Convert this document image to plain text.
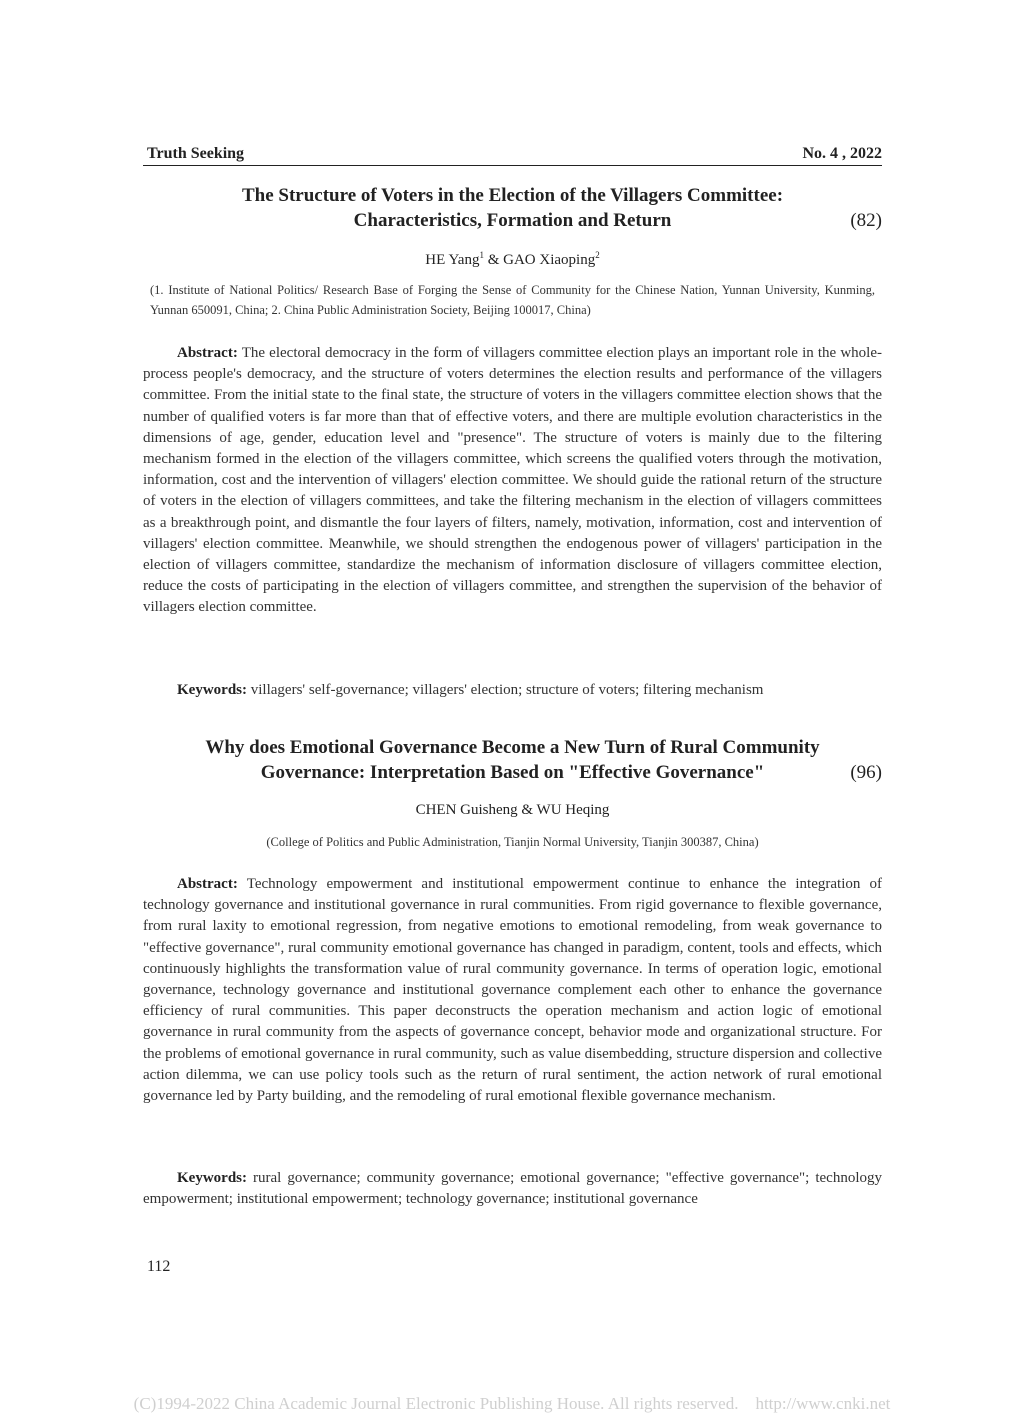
Truth Seeking	No. 4 , 2022
The Structure of Voters in the Election of the Villagers Committee:
Characteristics, Formation and Return	(82)
HE Yang$^1$ & GAO Xiaoping$^2$
(1. Institute of National Politics/ Research Base of Forging the Sense of Community for the Chinese Nation, Yunnan University, Kunming, Yunnan 650091, China; 2. China Public Administration Society, Beijing 100017, China)
Abstract: The electoral democracy in the form of villagers committee election plays an important role in the whole-process people's democracy, and the structure of voters determines the election results and performance of the villagers committee. From the initial state to the final state, the structure of voters in the villagers committee election shows that the number of qualified voters is far more than that of effective voters, and there are multiple evolution characteristics in the dimensions of age, gender, education level and "presence". The structure of voters is mainly due to the filtering mechanism formed in the election of the villagers committee, which screens the qualified voters through the motivation, information, cost and the intervention of villagers' election committee. We should guide the rational return of the structure of voters in the election of villagers committees, and take the filtering mechanism in the election of villagers committees as a breakthrough point, and dismantle the four layers of filters, namely, motivation, information, cost and intervention of villagers' election committee. Meanwhile, we should strengthen the endogenous power of villagers' participation in the election of villagers committee, standardize the mechanism of information disclosure of villagers committee election, reduce the costs of participating in the election of villagers committee, and strengthen the supervision of the behavior of villagers election committee.
Keywords: villagers' self-governance; villagers' election; structure of voters; filtering mechanism
Why does Emotional Governance Become a New Turn of Rural Community
Governance: Interpretation Based on "Effective Governance"	(96)
CHEN Guisheng & WU Heqing
(College of Politics and Public Administration, Tianjin Normal University, Tianjin 300387, China)
Abstract: Technology empowerment and institutional empowerment continue to enhance the integration of technology governance and institutional governance in rural communities. From rigid governance to flexible governance, from rural laxity to emotional regression, from negative emotions to emotional remodeling, from weak governance to "effective governance", rural community emotional governance has changed in paradigm, content, tools and effects, which continuously highlights the transformation value of rural community governance. In terms of operation logic, emotional governance, technology governance and institutional governance complement each other to enhance the governance efficiency of rural communities. This paper deconstructs the operation mechanism and action logic of emotional governance in rural community from the aspects of governance concept, behavior mode and organizational structure. For the problems of emotional governance in rural community, such as value disembedding, structure dispersion and collective action dilemma, we can use policy tools such as the return of rural sentiment, the action network of rural emotional governance led by Party building, and the remodeling of rural emotional flexible governance mechanism.
Keywords: rural governance; community governance; emotional governance; "effective governance"; technology empowerment; institutional empowerment; technology governance; institutional governance
112
(C)1994-2022 China Academic Journal Electronic Publishing House. All rights reserved.    http://www.cnki.net
